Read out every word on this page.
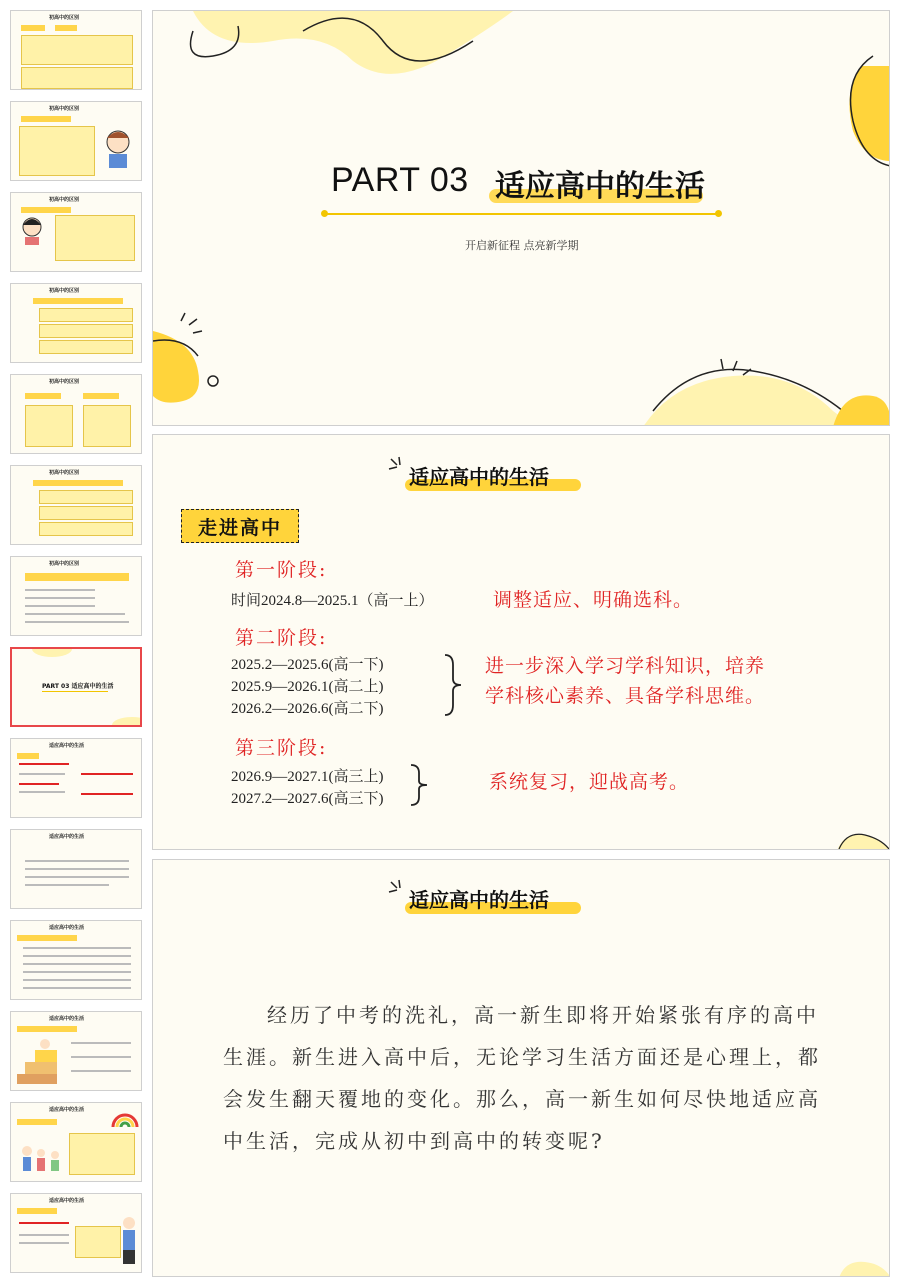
初高中的区别
初高中的区别
初高中的区别
初高中的区别
初高中的区别
初高中的区别
初高中的区别
PART 03 适应高中的生活
适应高中的生活
适应高中的生活
适应高中的生活
适应高中的生活
适应高中的生活
适应高中的生活
PART 03 适应高中的生活
开启新征程 点亮新学期
适应高中的生活
走进高中
第一阶段:
时间2024.8—2025.1（高一上）	调整适应、明确选科。
第二阶段:
2025.2—2025.6(高一下)
2025.9—2026.1(高二上)
2026.2—2026.6(高二下)
进一步深入学习学科知识，培养
学科核心素养、具备学科思维。
第三阶段:
2026.9—2027.1(高三上)
2027.2—2027.6(高三下)
系统复习，迎战高考。
适应高中的生活

经历了中考的洗礼，高一新生即将开始紧张有序的高中生涯。新生进入高中后，无论学习生活方面还是心理上，都会发生翻天覆地的变化。那么，高一新生如何尽快地适应高中生活，完成从初中到高中的转变呢?
